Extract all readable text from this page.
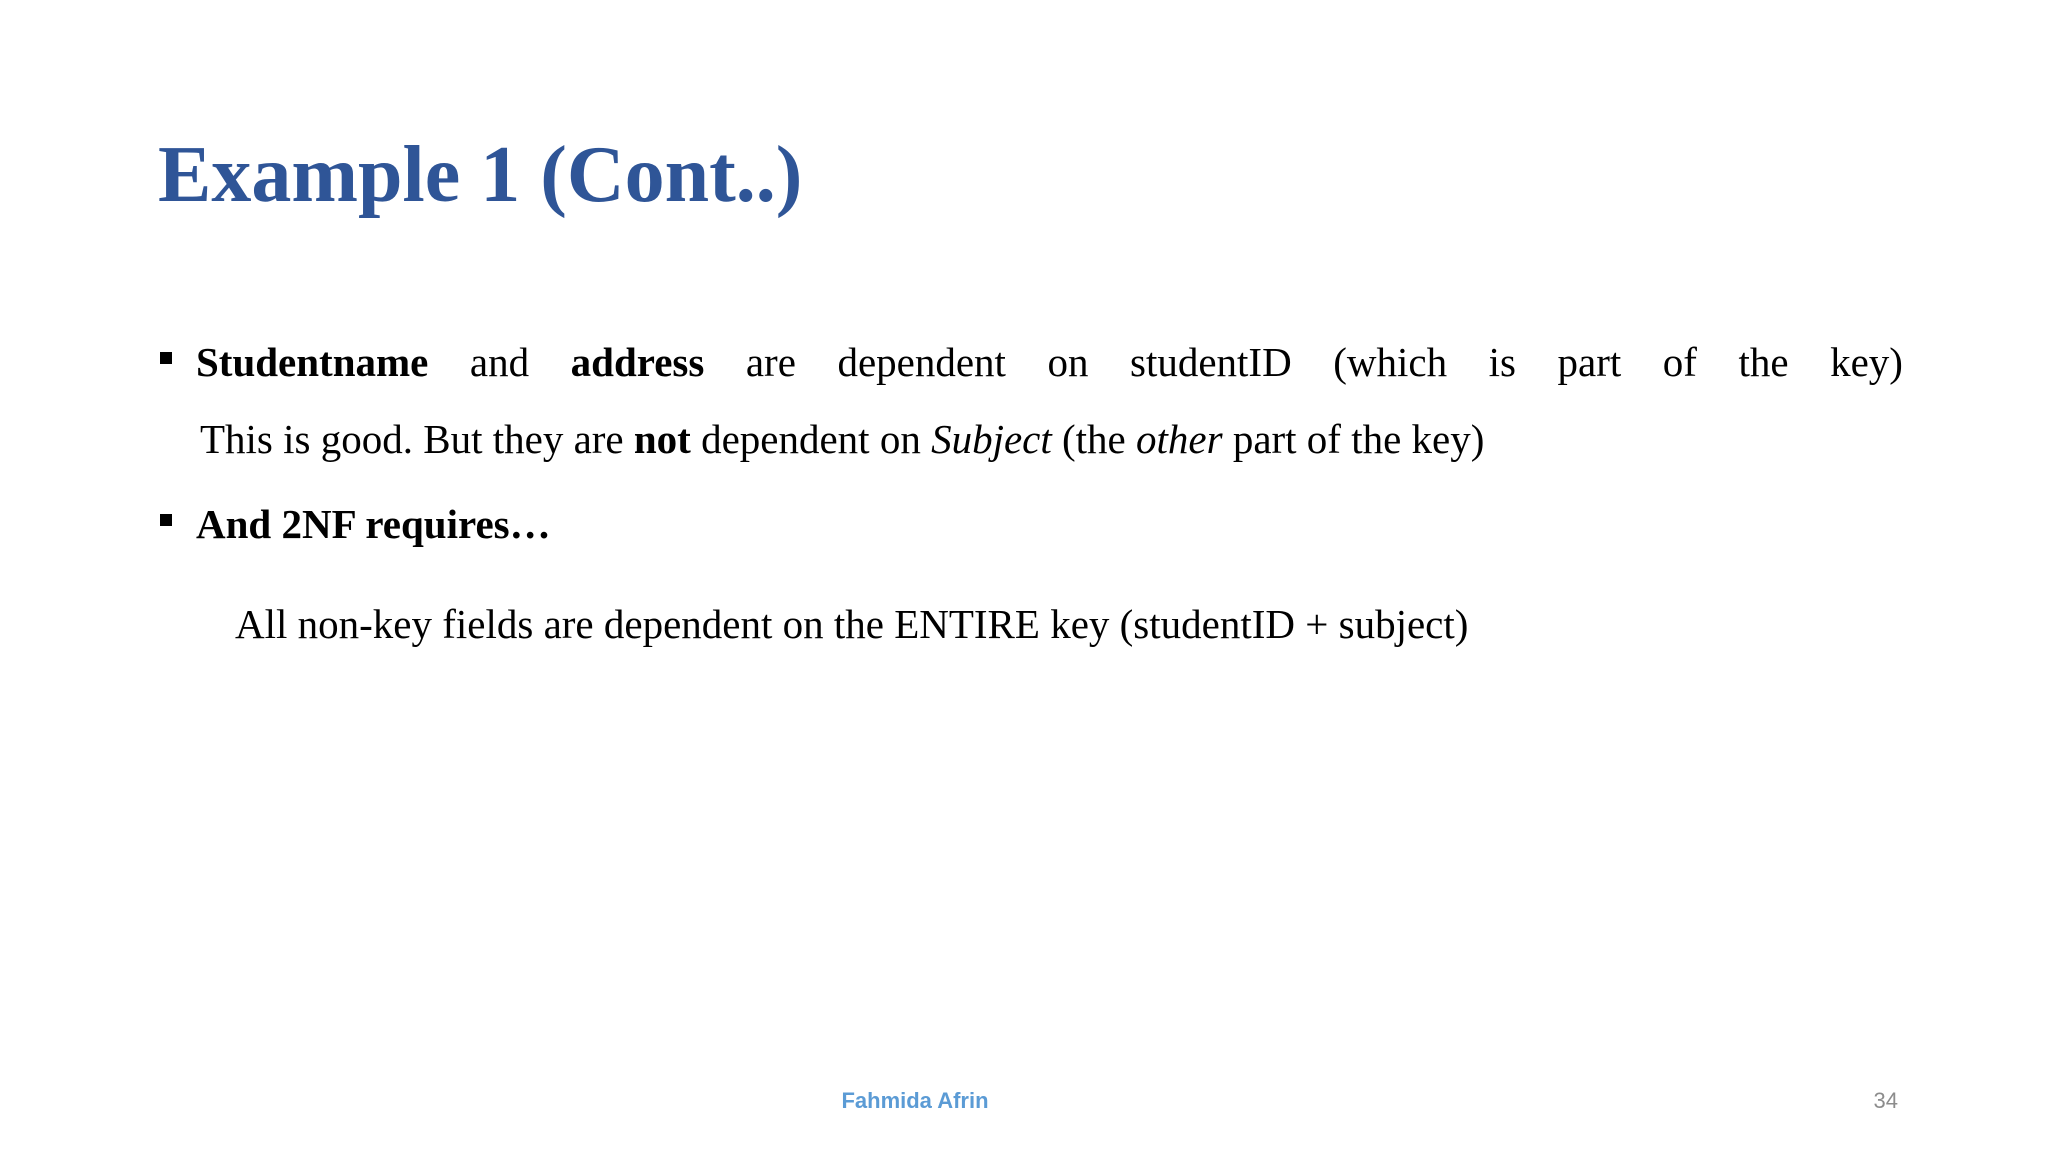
Example 1 (Cont..)
Studentname and address are dependent on studentID (which is part of the key)
This is good. But they are not dependent on Subject (the other part of the key)
And 2NF requires…
All non-key fields are dependent on the ENTIRE key (studentID + subject)
Fahmida Afrin	34
